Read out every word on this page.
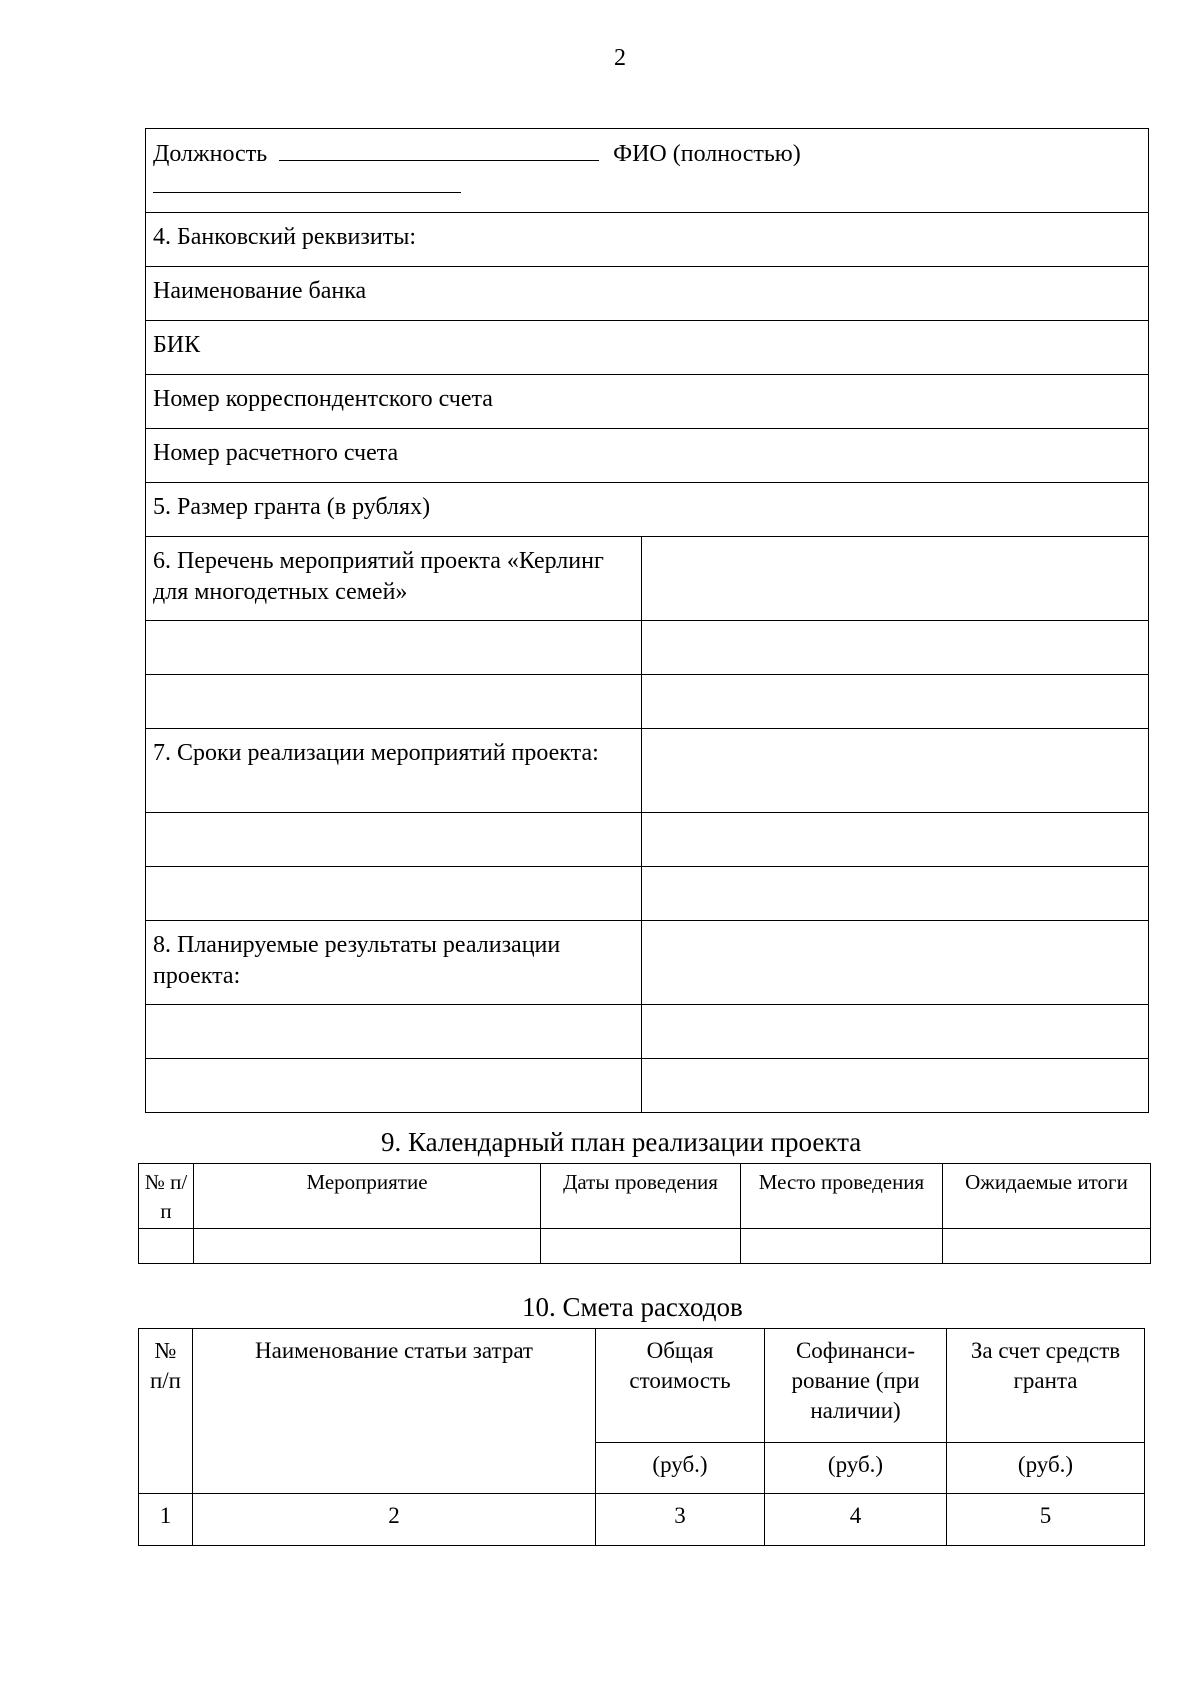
2
Должность ФИО (полностью)	

4. Банковский реквизиты:	
Наименование банка	
БИК	
Номер корреспондентского счета	
Номер расчетного счета	
5. Размер гранта (в рублях)	
6. Перечень мероприятий проекта «Керлинг для многодетных семей»	

7. Сроки реализации мероприятий проекта:	

8. Планируемые результаты реализации проекта:	

9. Календарный план реализации проекта
№ п/п	Мероприятие	Даты проведения	Место проведения	Ожидаемые итоги

10. Смета расходов
№ п/п	Наименование статьи затрат	Общая стоимость	Софинанси-рование (при наличии)	За счет средств гранта
		(руб.)	(руб.)	(руб.)
1	2	3	4	5
